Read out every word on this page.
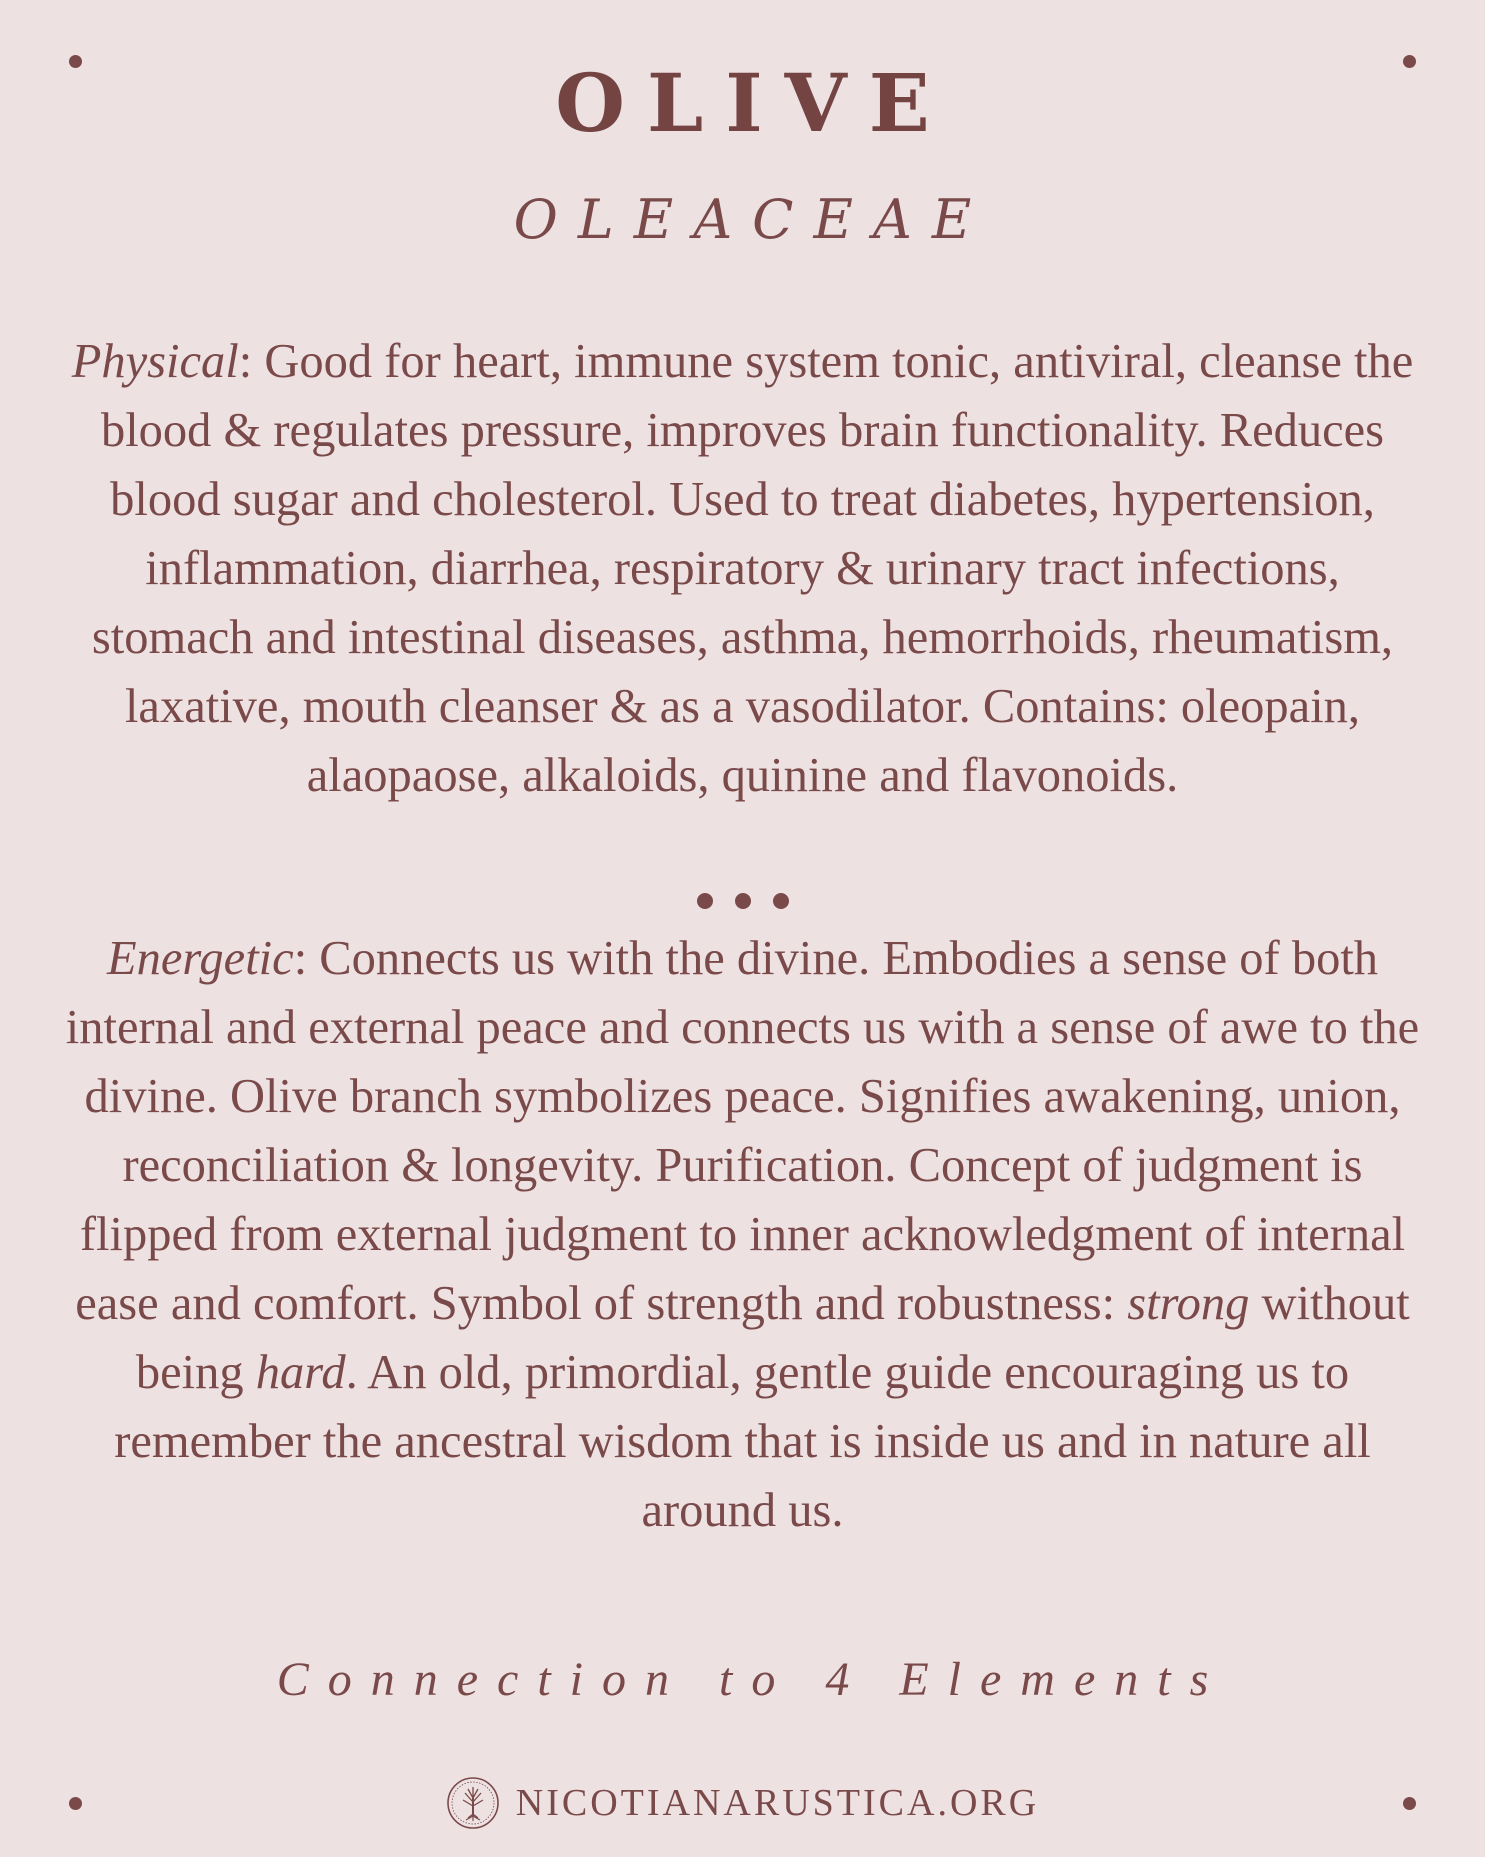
OLIVE
OLEACEAE
Physical: Good for heart, immune system tonic, antiviral, cleanse the blood & regulates pressure, improves brain functionality. Reduces blood sugar and cholesterol. Used to treat diabetes, hypertension, inflammation, diarrhea, respiratory & urinary tract infections, stomach and intestinal diseases, asthma, hemorrhoids, rheumatism, laxative, mouth cleanser & as a vasodilator. Contains: oleopain, alaopaose, alkaloids, quinine and flavonoids.
Energetic: Connects us with the divine. Embodies a sense of both internal and external peace and connects us with a sense of awe to the divine. Olive branch symbolizes peace. Signifies awakening, union, reconciliation & longevity. Purification. Concept of judgment is flipped from external judgment to inner acknowledgment of internal ease and comfort. Symbol of strength and robustness: strong without being hard. An old, primordial, gentle guide encouraging us to remember the ancestral wisdom that is inside us and in nature all around us.
Connection to 4 Elements
NICOTIANARUSTICA.ORG
